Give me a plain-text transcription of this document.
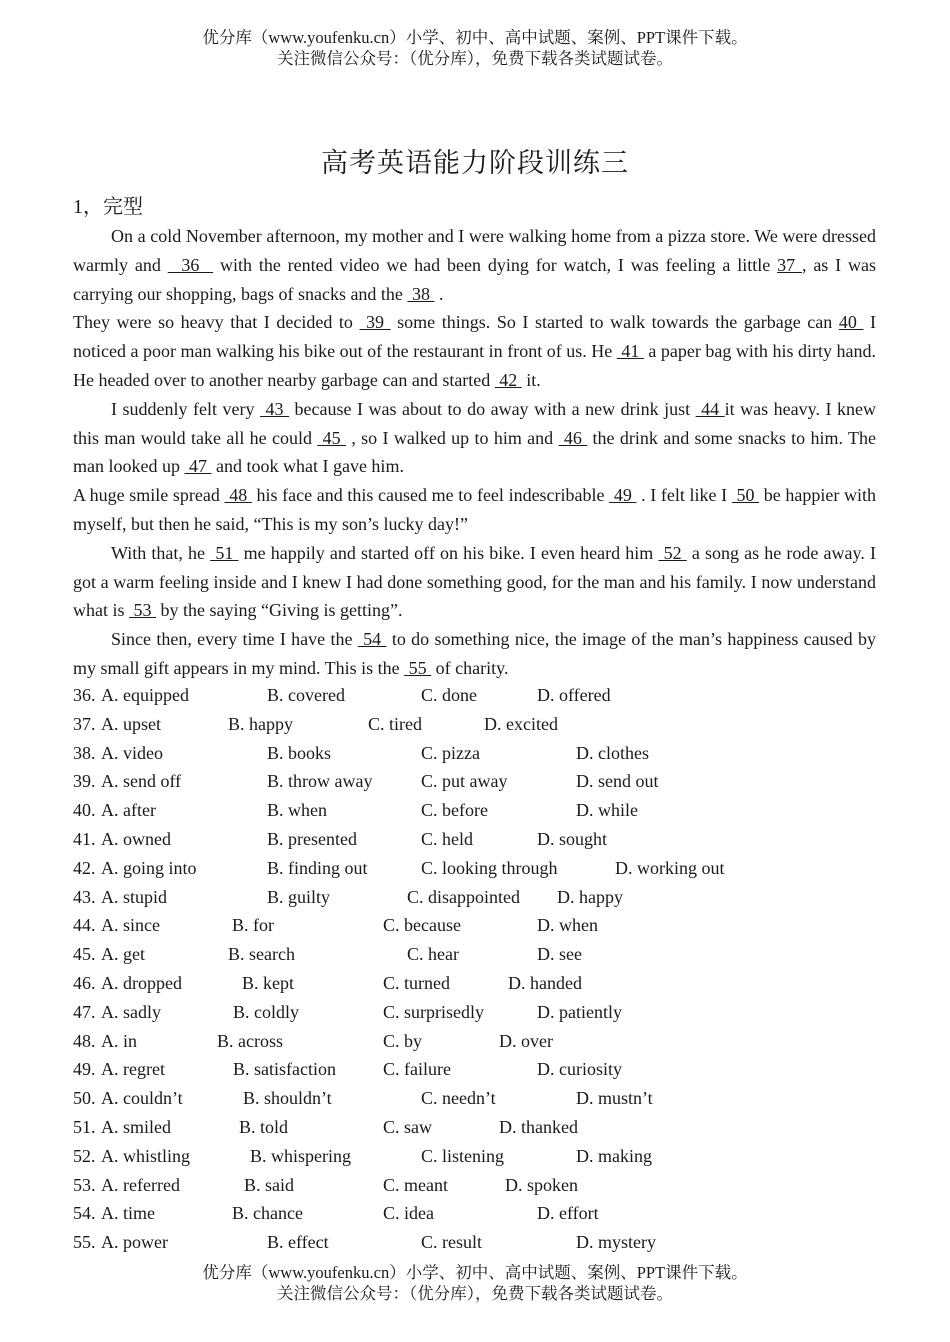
优分库（www.youfenku.cn）小学、初中、高中试题、案例、PPT课件下载。
关注微信公众号：（优分库），免费下载各类试题试卷。
高考英语能力阶段训练三
1，完型

On a cold November afternoon, my mother and I were walking home from a pizza store. We were dressed warmly and   36   with the rented video we had been dying for watch, I was feeling a little 37 , as I was carrying our shopping, bags of snacks and the  38  .

They were so heavy that I decided to  39  some things. So I started to walk towards the garbage can 40  I noticed a poor man walking his bike out of the restaurant in front of us. He  41  a paper bag with his dirty hand. He headed over to another nearby garbage can and started  42  it.

I suddenly felt very  43  because I was about to do away with a new drink just  44 it was heavy. I knew this man would take all he could  45  , so I walked up to him and  46  the drink and some snacks to him. The man looked up  47  and took what I gave him.

A huge smile spread  48  his face and this caused me to feel indescribable  49  . I felt like I  50  be happier with myself, but then he said, “This is my son’s lucky day!”

With that, he  51  me happily and started off on his bike. I even heard him  52  a song as he rode away. I got a warm feeling inside and I knew I had done something good, for the man and his family. I now understand what is  53  by the saying “Giving is getting”.

Since then, every time I have the  54  to do something nice, the image of the man’s happiness caused by my small gift appears in my mind. This is the  55  of charity.

36. A. equipped	B. covered	C. done	D. offered
37. A. upset	B. happy	C. tired	D. excited
38. A. video	B. books	C. pizza	D. clothes
39. A. send off	B. throw away	C. put away	D. send out
40. A. after	B. when	C. before	D. while
41. A. owned	B. presented	C. held	D. sought
42. A. going into	B. finding out	C. looking through	D. working out
43. A. stupid	B. guilty	C. disappointed D. happy
44. A. since	B. for	C. because	D. when
45. A. get	B. search	C. hear	D. see
46. A. dropped	B. kept	C. turned	D. handed
47. A. sadly	B. coldly	C. surprisedly	D. patiently
48. A. in	B. across	C. by	D. over
49. A. regret	B. satisfaction	C. failure	D. curiosity
50. A. couldn’t	B. shouldn’t	C. needn’t	D. mustn’t
51. A. smiled	B. told	C. saw	D. thanked
52. A. whistling	B. whispering	C. listening	D. making
53. A. referred	B. said	C. meant	D. spoken
54. A. time	B. chance	C. idea	D. effort
55. A. power	B. effect	C. result	D. mystery
优分库（www.youfenku.cn）小学、初中、高中试题、案例、PPT课件下载。
关注微信公众号：（优分库），免费下载各类试题试卷。
